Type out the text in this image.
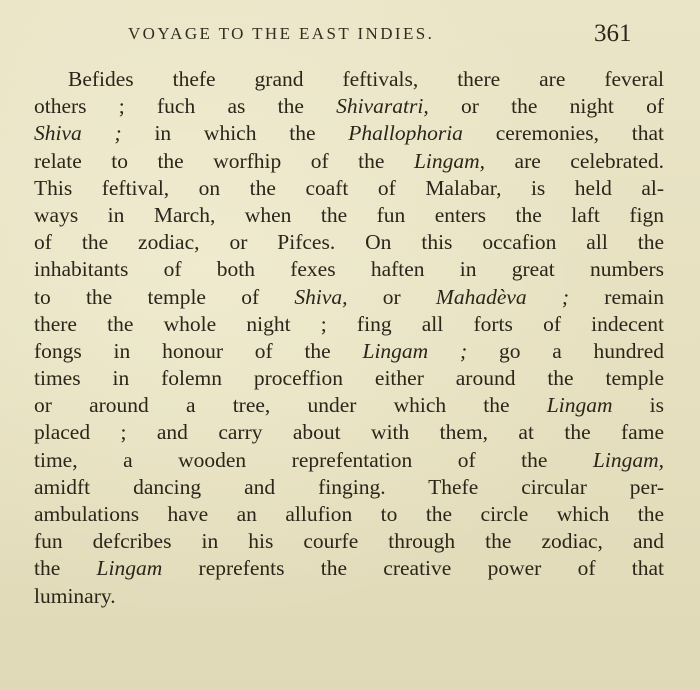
VOYAGE TO THE EAST INDIES.	361
Befides thefe grand feftivals, there are feveral
others ; fuch as the Shivaratri, or the night of
Shiva ; in which the Phallophoria ceremonies, that
relate to the worfhip of the Lingam, are celebrated.
This feftival, on the coaft of Malabar, is held al-
ways in March, when the fun enters the laft fign
of the zodiac, or Pifces. On this occafion all the
inhabitants of both fexes haften in great numbers
to the temple of Shiva, or Mahadèva ; remain
there the whole night ; fing all forts of indecent
fongs in honour of the Lingam ; go a hundred
times in folemn proceffion either around the temple
or around a tree, under which the Lingam is
placed ; and carry about with them, at the fame
time, a wooden reprefentation of the Lingam,
amidft dancing and finging. Thefe circular per-
ambulations have an allufion to the circle which the
fun defcribes in his courfe through the zodiac, and
the Lingam reprefents the creative power of that
luminary.
